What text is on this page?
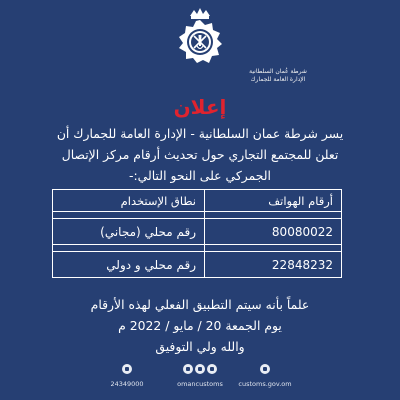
شرطة عُمان السلطانية
الإدارة العامة للجمارك
إعلان
يسر شرطة عمان السلطانية - الإدارة العامة للجمارك أن
تعلن للمجتمع التجاري حول تحديث أرقام مركز الإتصال
الجمركي على النحو التالي:-
أرقام الهواتف	نطاق الإستخدام

80080022	رقم محلي (مجاني)

22848232	رقم محلي و دولي
علماً بأنه سيتم التطبيق الفعلي لهذه الأرقام
يوم الجمعة 20 / مايو / 2022 م
والله ولي التوفيق
24349000	omancustoms	customs.gov.om
